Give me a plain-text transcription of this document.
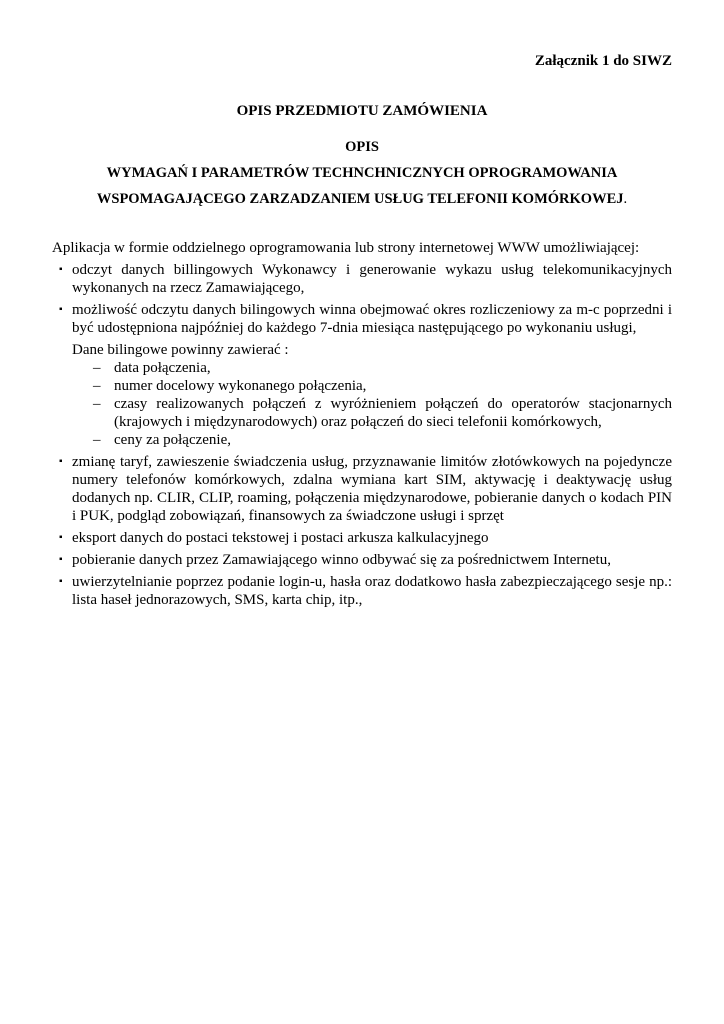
Załącznik 1 do SIWZ
OPIS PRZEDMIOTU ZAMÓWIENIA
OPIS
WYMAGAŃ I PARAMETRÓW TECHNCHNICZNYCH OPROGRAMOWANIA
WSPOMAGAJĄCEGO ZARZADZANIEM USŁUG TELEFONII KOMÓRKOWEJ.

Aplikacja w formie oddzielnego oprogramowania lub strony internetowej WWW umożliwiającej:

▪ odczyt danych billingowych Wykonawcy i generowanie wykazu usług telekomunikacyjnych wykonanych na rzecz Zamawiającego,
▪ możliwość odczytu danych bilingowych winna obejmować okres rozliczeniowy za m-c poprzedni i być udostępniona najpóźniej do każdego 7-dnia miesiąca następującego po wykonaniu usługi,

Dane bilingowe powinny zawierać :

– data połączenia,
– numer docelowy wykonanego połączenia,
– czasy realizowanych połączeń z wyróżnieniem połączeń do operatorów stacjonarnych (krajowych i międzynarodowych) oraz połączeń do sieci telefonii komórkowych,
– ceny za połączenie,
▪ zmianę taryf, zawieszenie świadczenia usług, przyznawanie limitów złotówkowych na pojedyncze numery telefonów komórkowych, zdalna wymiana kart SIM, aktywację i deaktywację usług dodanych np. CLIR, CLIP, roaming, połączenia międzynarodowe, pobieranie danych o kodach PIN i PUK, podgląd zobowiązań, finansowych za świadczone usługi i sprzęt
▪ eksport danych do postaci tekstowej i postaci arkusza kalkulacyjnego
▪ pobieranie danych przez Zamawiającego winno odbywać się za pośrednictwem Internetu,
▪ uwierzytelnianie poprzez podanie login-u, hasła oraz dodatkowo hasła zabezpieczającego sesje np.: lista haseł jednorazowych, SMS, karta chip, itp.,
